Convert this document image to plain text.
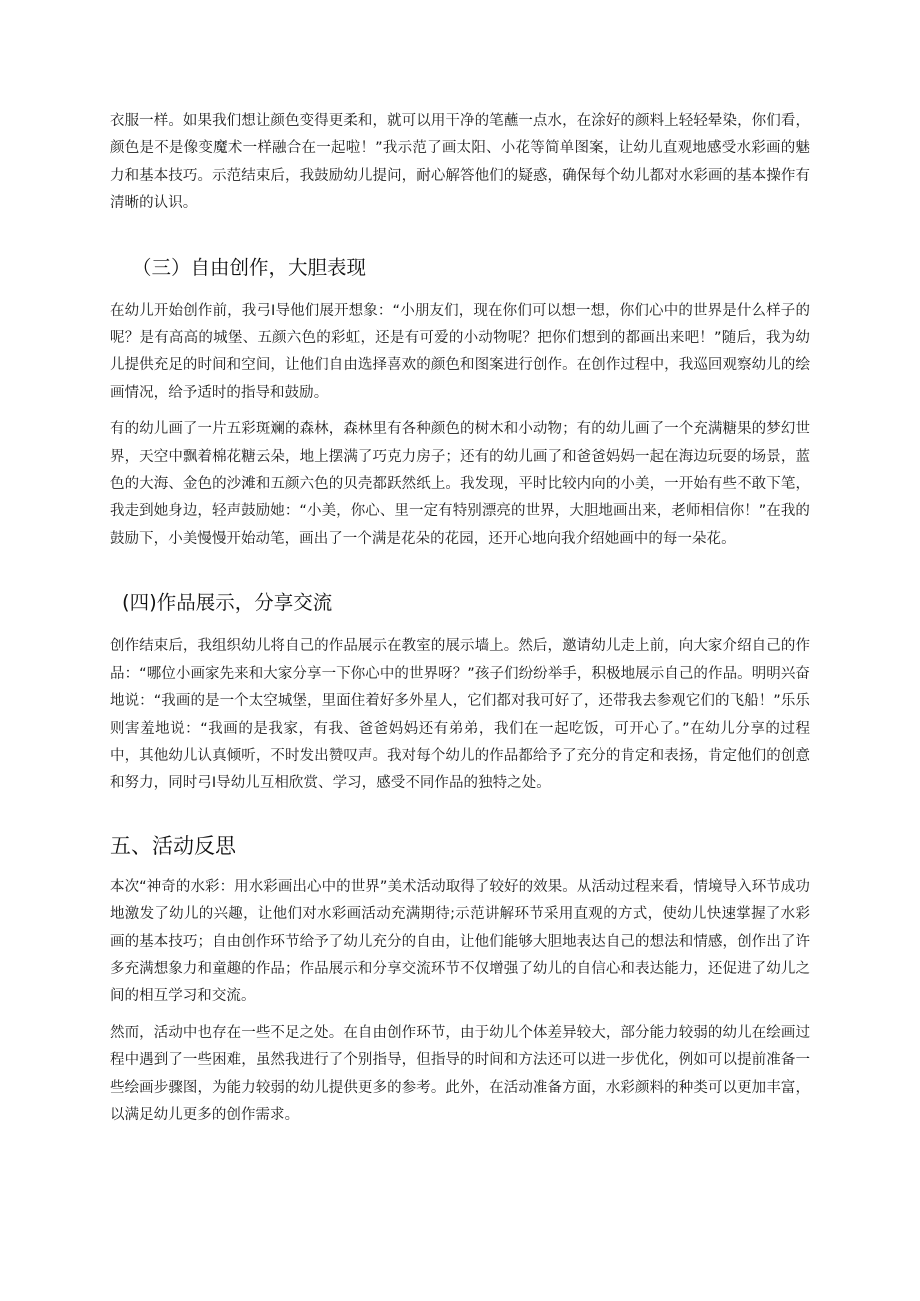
衣服一样。如果我们想让颜色变得更柔和，就可以用干净的笔蘸一点水，在涂好的颜料上轻轻晕染，你们看，颜色是不是像变魔术一样融合在一起啦！”我示范了画太阳、小花等简单图案，让幼儿直观地感受水彩画的魅力和基本技巧。示范结束后，我鼓励幼儿提问，耐心解答他们的疑惑，确保每个幼儿都对水彩画的基本操作有清晰的认识。

（三）自由创作，大胆表现

在幼儿开始创作前，我弓I导他们展开想象：“小朋友们，现在你们可以想一想，你们心中的世界是什么样子的呢？是有高高的城堡、五颜六色的彩虹，还是有可爱的小动物呢？把你们想到的都画出来吧！”随后，我为幼儿提供充足的时间和空间，让他们自由选择喜欢的颜色和图案进行创作。在创作过程中，我巡回观察幼儿的绘画情况，给予适时的指导和鼓励。

有的幼儿画了一片五彩斑斓的森林，森林里有各种颜色的树木和小动物；有的幼儿画了一个充满糖果的梦幻世界，天空中飘着棉花糖云朵，地上摆满了巧克力房子；还有的幼儿画了和爸爸妈妈一起在海边玩耍的场景，蓝色的大海、金色的沙滩和五颜六色的贝壳都跃然纸上。我发现，平时比较内向的小美，一开始有些不敢下笔，我走到她身边，轻声鼓励她：“小美，你心、里一定有特别漂亮的世界，大胆地画出来，老师相信你！”在我的鼓励下，小美慢慢开始动笔，画出了一个满是花朵的花园，还开心地向我介绍她画中的每一朵花。

(四)作品展示，分享交流

创作结束后，我组织幼儿将自己的作品展示在教室的展示墙上。然后，邀请幼儿走上前，向大家介绍自己的作品：“哪位小画家先来和大家分享一下你心中的世界呀？”孩子们纷纷举手，积极地展示自己的作品。明明兴奋地说：“我画的是一个太空城堡，里面住着好多外星人，它们都对我可好了，还带我去参观它们的飞船！”乐乐则害羞地说：“我画的是我家，有我、爸爸妈妈还有弟弟，我们在一起吃饭，可开心了。”在幼儿分享的过程中，其他幼儿认真倾听，不时发出赞叹声。我对每个幼儿的作品都给予了充分的肯定和表扬，肯定他们的创意和努力，同时弓I导幼儿互相欣赏、学习，感受不同作品的独特之处。

五、活动反思

本次“神奇的水彩：用水彩画出心中的世界”美术活动取得了较好的效果。从活动过程来看，情境导入环节成功地激发了幼儿的兴趣，让他们对水彩画活动充满期待;示范讲解环节采用直观的方式，使幼儿快速掌握了水彩画的基本技巧；自由创作环节给予了幼儿充分的自由，让他们能够大胆地表达自己的想法和情感，创作出了许多充满想象力和童趣的作品；作品展示和分享交流环节不仅增强了幼儿的自信心和表达能力，还促进了幼儿之间的相互学习和交流。

然而，活动中也存在一些不足之处。在自由创作环节，由于幼儿个体差异较大，部分能力较弱的幼儿在绘画过程中遇到了一些困难，虽然我进行了个别指导，但指导的时间和方法还可以进一步优化，例如可以提前准备一些绘画步骤图，为能力较弱的幼儿提供更多的参考。此外，在活动准备方面，水彩颜料的种类可以更加丰富，以满足幼儿更多的创作需求。
